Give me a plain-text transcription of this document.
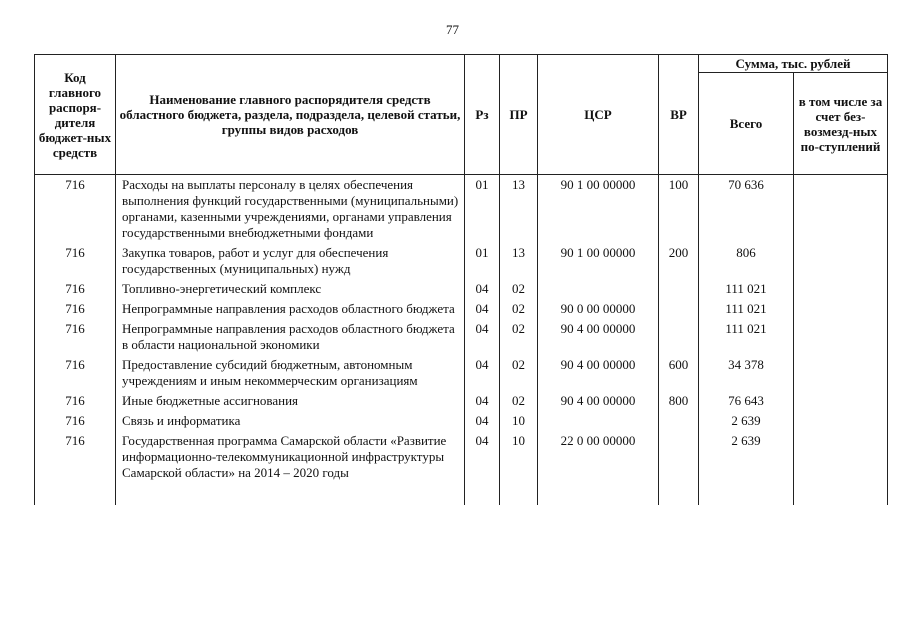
77
Код главного распоря-дителя бюджет-ных средств	Наименование главного распорядителя средств областного бюджета, раздела, подраздела, целевой статьи, группы видов расходов	Рз	ПР	ЦСР	ВР	Сумма, тыс. рублей	
						Всего	в том числе за счет без-возмезд-ных по-ступлений
716	Расходы на выплаты персоналу в целях обеспечения выполнения функций государственными (муниципальными) органами, казенными учреждениями, органами управления государственными внебюджетными фондами	01	13	90 1 00 00000	100	70 636	
716	Закупка товаров, работ и услуг для обеспечения государственных (муниципальных) нужд	01	13	90 1 00 00000	200	806	
716	Топливно-энергетический комплекс	04	02			111 021	
716	Непрограммные направления расходов областного бюджета	04	02	90 0 00 00000		111 021	
716	Непрограммные направления расходов областного бюджета в области национальной экономики	04	02	90 4 00 00000		111 021	
716	Предоставление субсидий бюджетным, автономным учреждениям и иным некоммерческим организациям	04	02	90 4 00 00000	600	34 378	
716	Иные бюджетные ассигнования	04	02	90 4 00 00000	800	76 643	
716	Связь и информатика	04	10			2 639	
716	Государственная программа Самарской области «Развитие информационно-телекоммуникационной инфраструктуры Самарской области» на 2014 – 2020 годы	04	10	22 0 00 00000		2 639	
